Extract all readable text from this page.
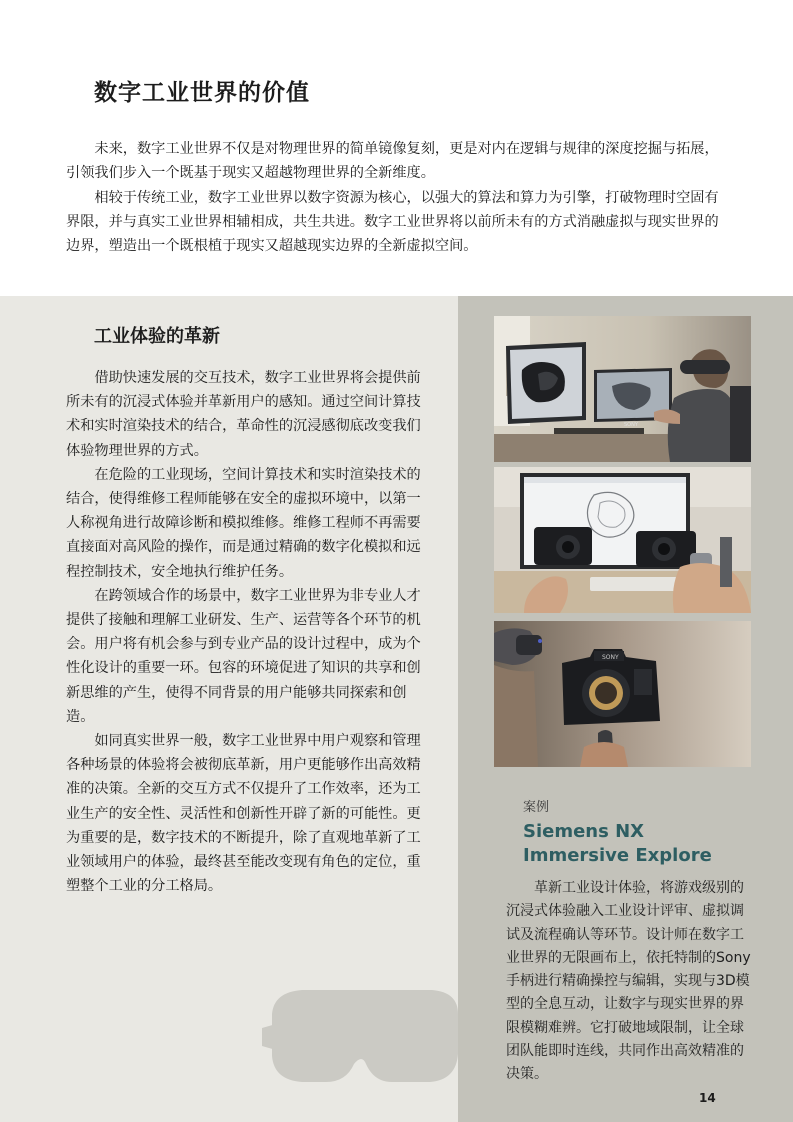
数字工业世界的价值

未来，数字工业世界不仅是对物理世界的简单镜像复刻，更是对内在逻辑与规律的深度挖掘与拓展，引领我们步入一个既基于现实又超越物理世界的全新维度。

相较于传统工业，数字工业世界以数字资源为核心，以强大的算法和算力为引擎，打破物理时空固有界限，并与真实工业世界相辅相成，共生共进。数字工业世界将以前所未有的方式消融虚拟与现实世界的边界，塑造出一个既根植于现实又超越现实边界的全新虚拟空间。

工业体验的革新

借助快速发展的交互技术，数字工业世界将会提供前所未有的沉浸式体验并革新用户的感知。通过空间计算技术和实时渲染技术的结合，革命性的沉浸感彻底改变我们体验物理世界的方式。

在危险的工业现场，空间计算技术和实时渲染技术的结合，使得维修工程师能够在安全的虚拟环境中，以第一人称视角进行故障诊断和模拟维修。维修工程师不再需要直接面对高风险的操作，而是通过精确的数字化模拟和远程控制技术，安全地执行维护任务。

在跨领域合作的场景中，数字工业世界为非专业人才提供了接触和理解工业研发、生产、运营等各个环节的机会。用户将有机会参与到专业产品的设计过程中，成为个性化设计的重要一环。包容的环境促进了知识的共享和创新思维的产生，使得不同背景的用户能够共同探索和创造。

如同真实世界一般，数字工业世界中用户观察和管理各种场景的体验将会被彻底革新，用户更能够作出高效精准的决策。全新的交互方式不仅提升了工作效率，还为工业生产的安全性、灵活性和创新性开辟了新的可能性。更为重要的是，数字技术的不断提升，除了直观地革新了工业领域用户的体验，最终甚至能改变现有角色的定位，重塑整个工业的分工格局。

SONY
SONY
案例
Siemens NX Immersive Explore

革新工业设计体验，将游戏级别的沉浸式体验融入工业设计评审、虚拟调试及流程确认等环节。设计师在数字工业世界的无限画布上，依托特制的Sony手柄进行精确操控与编辑，实现与3D模型的全息互动，让数字与现实世界的界限模糊难辨。它打破地域限制，让全球团队能即时连线，共同作出高效精准的决策。

14
